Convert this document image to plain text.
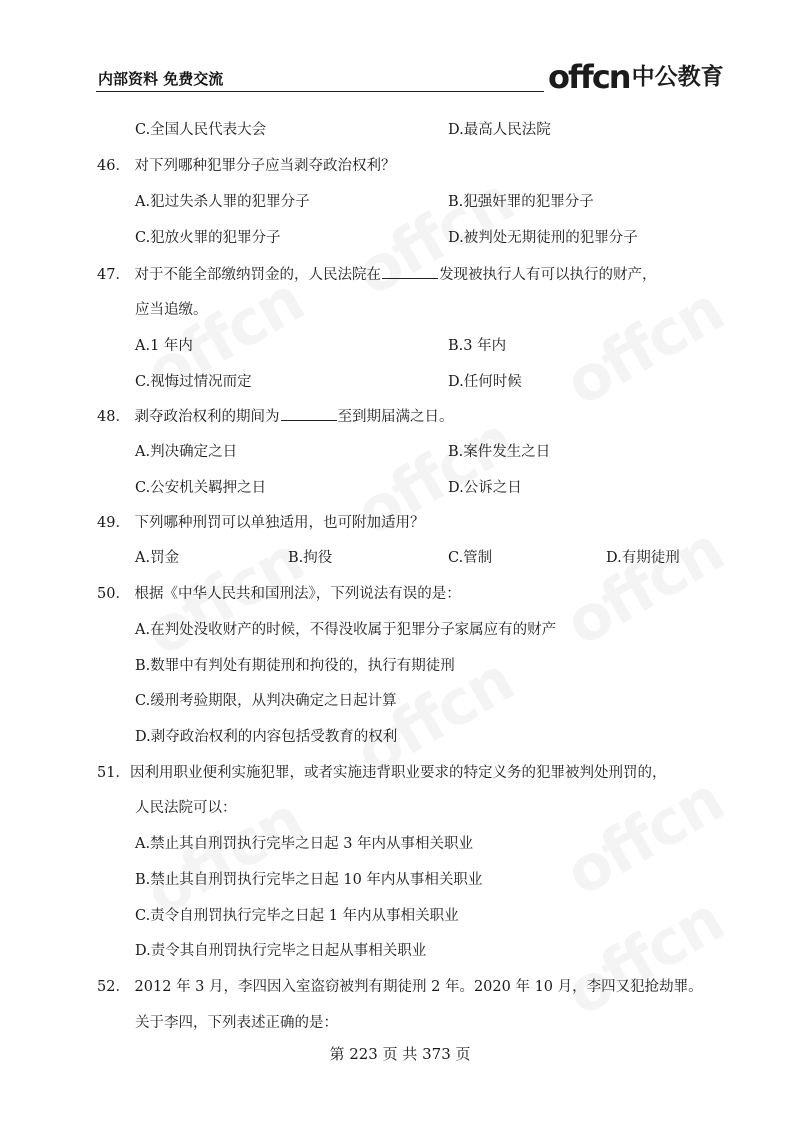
内部资料 免费交流	offcn 中公教育
C.全国人民代表大会	D.最高人民法院
46． 对下列哪种犯罪分子应当剥夺政治权利？
A.犯过失杀人罪的犯罪分子	B.犯强奸罪的犯罪分子
C.犯放火罪的犯罪分子	D.被判处无期徒刑的犯罪分子
47． 对于不能全部缴纳罚金的，人民法院在	发现被执行人有可以执行的财产，
应当追缴。
A.1 年内	B.3 年内
C.视悔过情况而定	D.任何时候
48． 剥夺政治权利的期间为	至到期届满之日。
A.判决确定之日	B.案件发生之日
C.公安机关羁押之日	D.公诉之日
49． 下列哪种刑罚可以单独适用，也可附加适用？
A.罚金	B.拘役	C.管制	D.有期徒刑
50． 根据《中华人民共和国刑法》，下列说法有误的是：
A.在判处没收财产的时候，不得没收属于犯罪分子家属应有的财产
B.数罪中有判处有期徒刑和拘役的，执行有期徒刑
C.缓刑考验期限，从判决确定之日起计算
D.剥夺政治权利的内容包括受教育的权利
51．因利用职业便利实施犯罪，或者实施违背职业要求的特定义务的犯罪被判处刑罚的，
人民法院可以：
A.禁止其自刑罚执行完毕之日起 3 年内从事相关职业
B.禁止其自刑罚执行完毕之日起 10 年内从事相关职业
C.责令自刑罚执行完毕之日起 1 年内从事相关职业
D.责令其自刑罚执行完毕之日起从事相关职业
52． 2012 年 3 月，李四因入室盗窃被判有期徒刑 2 年。2020 年 10 月，李四又犯抢劫罪。
关于李四，下列表述正确的是：
第 223 页 共 373 页
